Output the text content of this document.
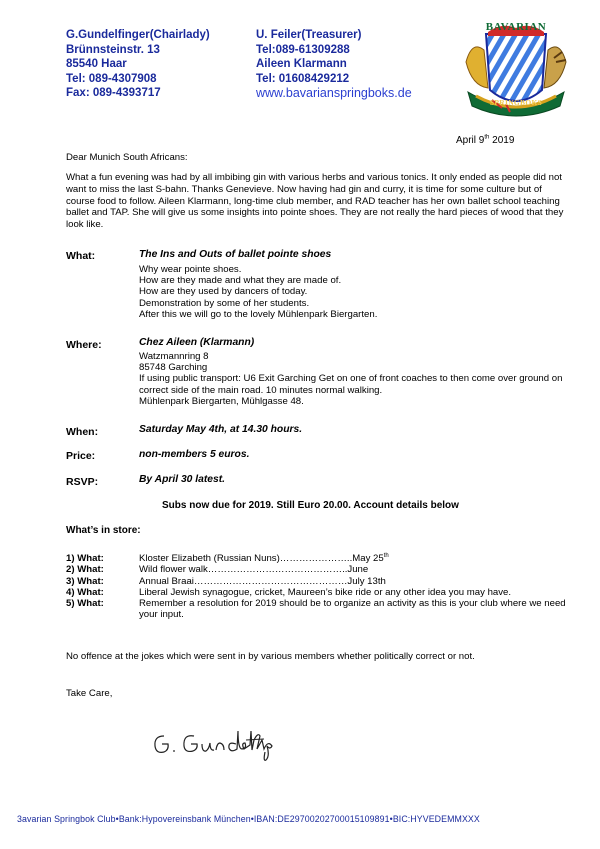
G.Gundelfinger(Chairlady)
Brünnsteinstr. 13
85540 Haar
Tel: 089-4307908
Fax: 089-4393717
U. Feiler(Treasurer)
Tel:089-61309288
Aileen Klarmann
Tel: 01608429212
www.bavarianspringboks.de
BAVARIAN
SPRINGBOKS
April 9th 2019
Dear Munich South Africans:
What a fun evening was had by all imbibing gin with various herbs and various tonics. It only ended as people did not want to miss the last S-bahn. Thanks Genevieve. Now having had gin and curry, it is time for some culture but of course food to follow. Aileen Klarmann, long-time club member, and RAD teacher has her own ballet school teaching ballet and TAP. She will give us some insights into pointe shoes. They are not really the hard pieces of wood that they look like.
What:	The Ins and Outs of ballet pointe shoes
Why wear pointe shoes.
How are they made and what they are made of.
How are they used by dancers of today.
Demonstration by some of her students.
After this we will go to the lovely Mühlenpark Biergarten.
Where:	Chez Aileen (Klarmann)
Watzmannring 8
85748 Garching
If using public transport: U6 Exit Garching Get on one of front coaches to then come over ground on correct side of the main road. 10 minutes normal walking.
Mühlenpark Biergarten, Mühlgasse 48.
When:	Saturday May 4th, at 14.30 hours.
Price:	non-members 5 euros.
RSVP:	By April 30 latest.
Subs now due for 2019. Still Euro 20.00. Account details below
What’s in store:
1) What:	Kloster Elizabeth (Russian Nuns)…………………..May 25th
2) What:	Wild flower walk……………………………………..June
3) What:	Annual Braai…………………………………………July 13th
4) What:	Liberal Jewish synagogue, cricket, Maureen’s bike ride or any other idea you may have.
5) What:	Remember a resolution for 2019 should be to organize an activity as this is your club where we need your input.
No offence at the jokes which were sent in by various members whether politically correct or not.
Take Care,
3avarian Springbok Club•Bank:Hypovereinsbank München•IBAN:DE29700202700015109891•BIC:HYVEDEMMXXX
